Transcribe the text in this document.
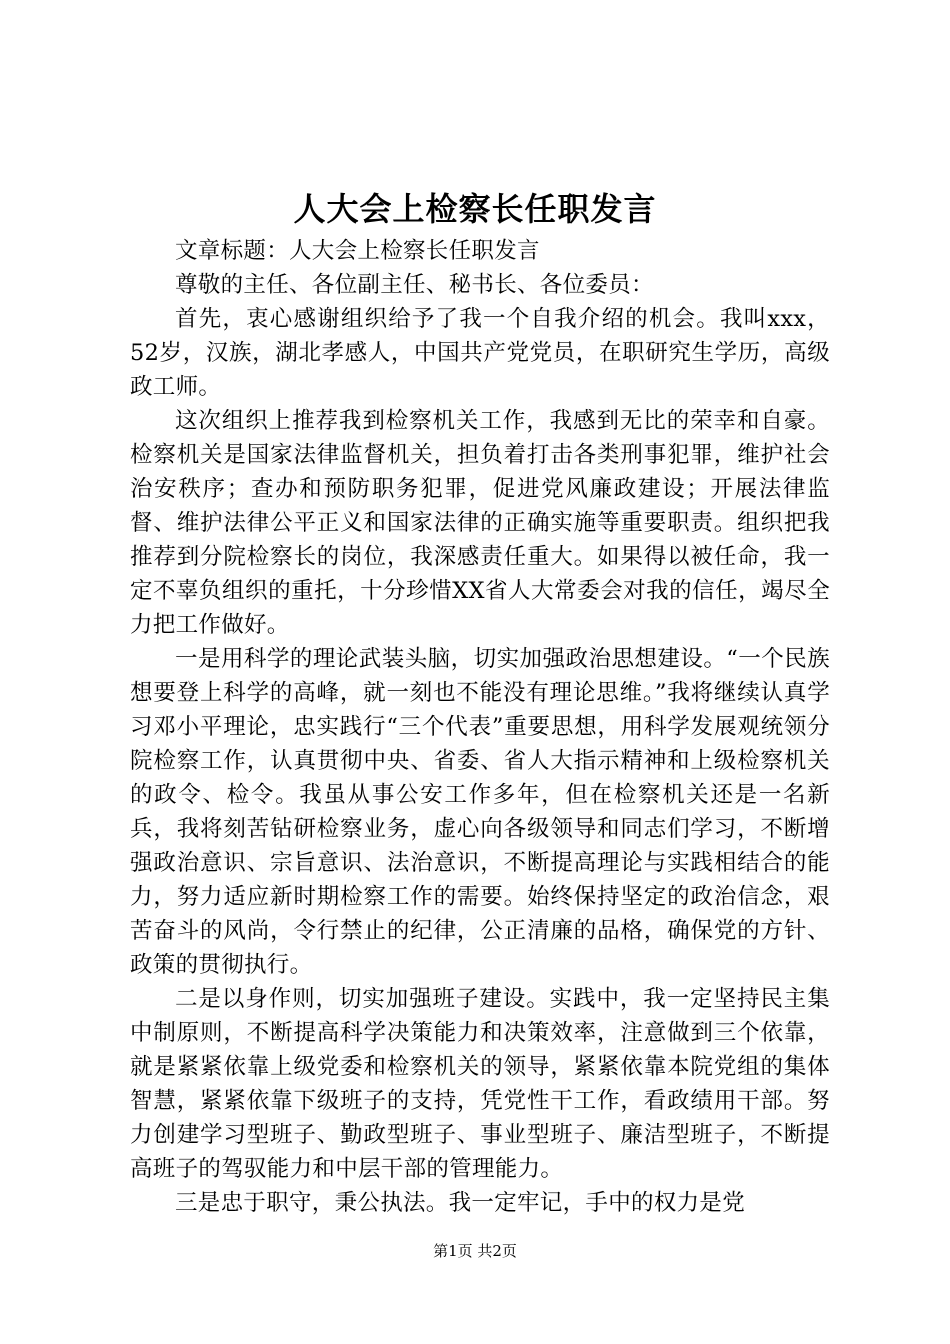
人大会上检察长任职发言

文章标题：人大会上检察长任职发言

尊敬的主任、各位副主任、秘书长、各位委员：

首先，衷心感谢组织给予了我一个自我介绍的机会。我叫xxx，52岁，汉族，湖北孝感人，中国共产党党员，在职研究生学历，高级政工师。

这次组织上推荐我到检察机关工作，我感到无比的荣幸和自豪。检察机关是国家法律监督机关，担负着打击各类刑事犯罪，维护社会治安秩序；查办和预防职务犯罪，促进党风廉政建设；开展法律监督、维护法律公平正义和国家法律的正确实施等重要职责。组织把我推荐到分院检察长的岗位，我深感责任重大。如果得以被任命，我一定不辜负组织的重托，十分珍惜XX省人大常委会对我的信任，竭尽全力把工作做好。

一是用科学的理论武装头脑，切实加强政治思想建设。“一个民族想要登上科学的高峰，就一刻也不能没有理论思维。”我将继续认真学习邓小平理论，忠实践行“三个代表”重要思想，用科学发展观统领分院检察工作，认真贯彻中央、省委、省人大指示精神和上级检察机关的政令、检令。我虽从事公安工作多年，但在检察机关还是一名新兵，我将刻苦钻研检察业务，虚心向各级领导和同志们学习，不断增强政治意识、宗旨意识、法治意识，不断提高理论与实践相结合的能力，努力适应新时期检察工作的需要。始终保持坚定的政治信念，艰苦奋斗的风尚，令行禁止的纪律，公正清廉的品格，确保党的方针、政策的贯彻执行。

二是以身作则，切实加强班子建设。实践中，我一定坚持民主集中制原则，不断提高科学决策能力和决策效率，注意做到三个依靠，就是紧紧依靠上级党委和检察机关的领导，紧紧依靠本院党组的集体智慧，紧紧依靠下级班子的支持，凭党性干工作，看政绩用干部。努力创建学习型班子、勤政型班子、事业型班子、廉洁型班子，不断提高班子的驾驭能力和中层干部的管理能力。

三是忠于职守，秉公执法。我一定牢记，手中的权力是党

第1页 共2页
